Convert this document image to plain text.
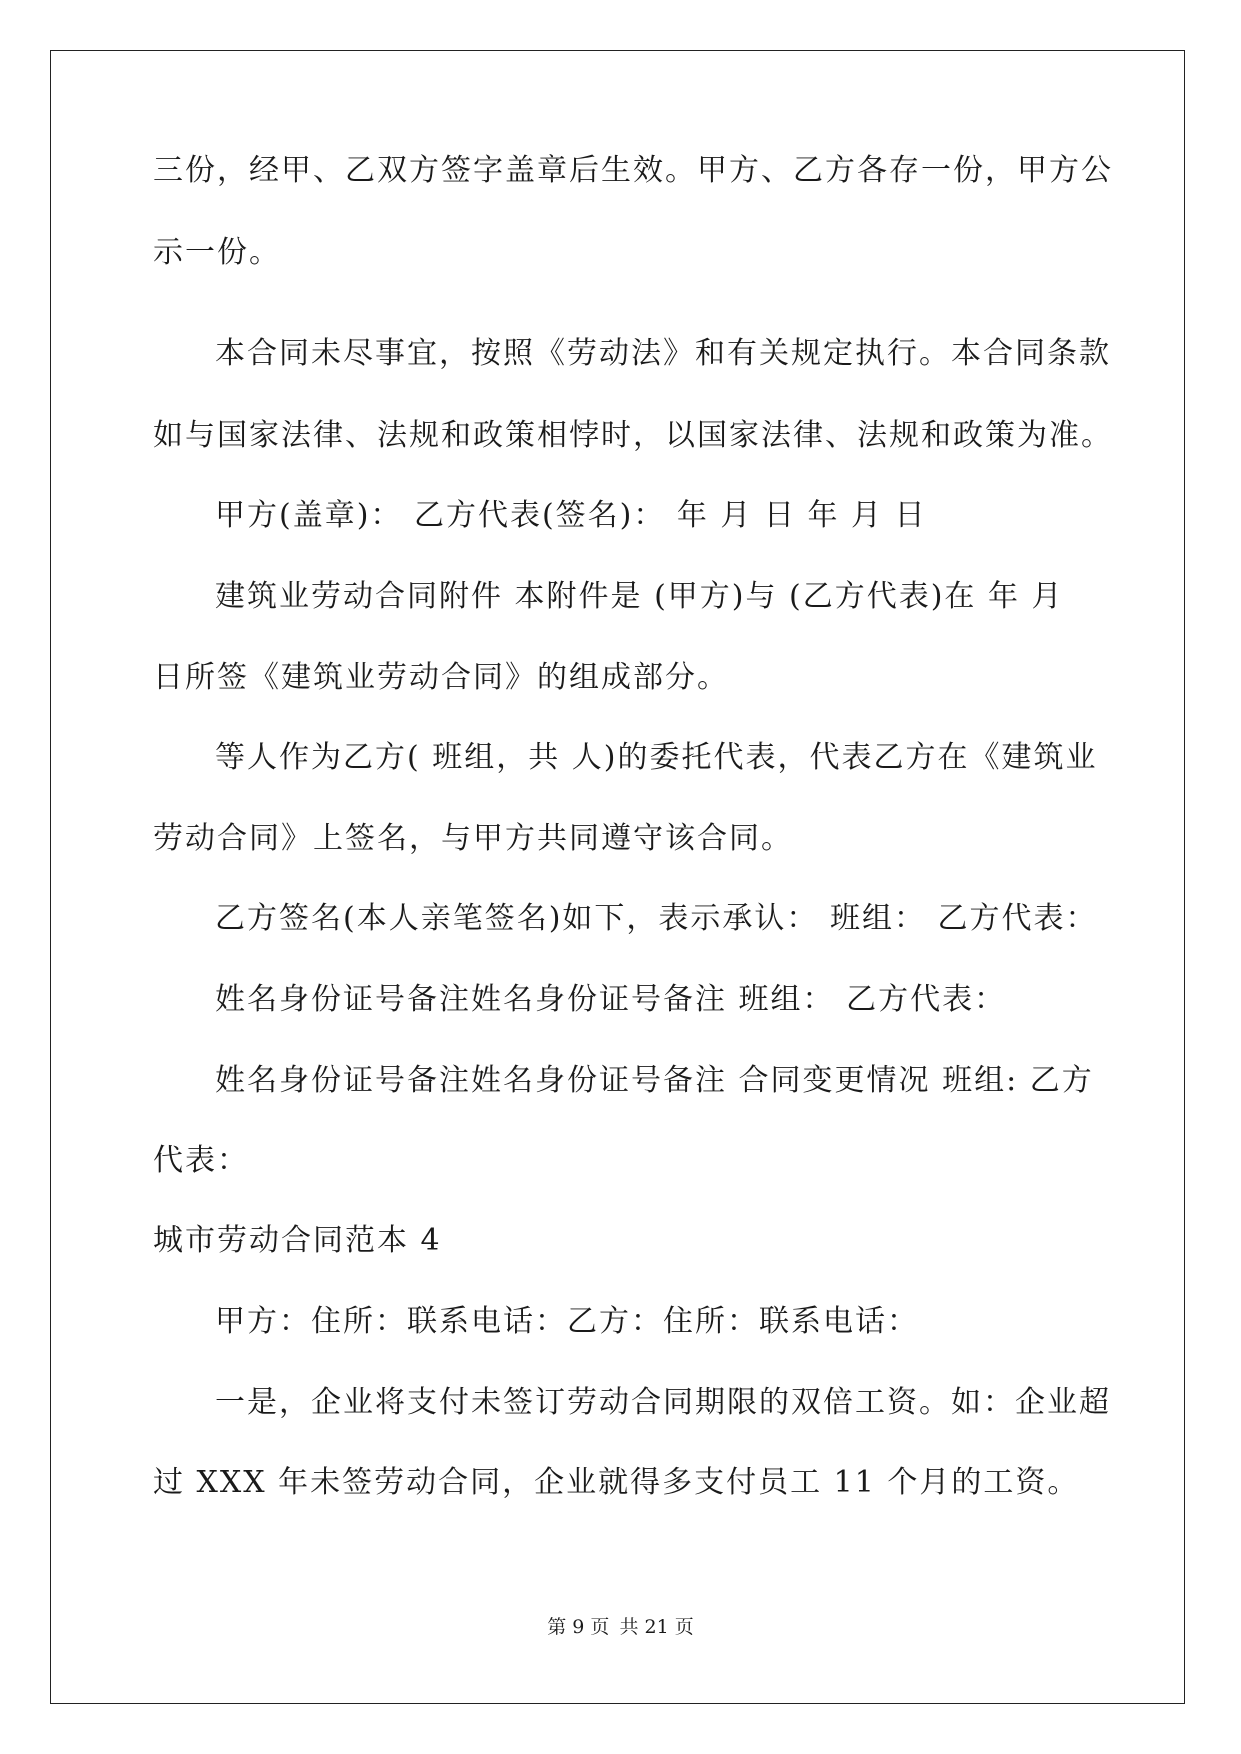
三份，经甲、乙双方签字盖章后生效。甲方、乙方各存一份，甲方公
示一份。
本合同未尽事宜，按照《劳动法》和有关规定执行。本合同条款
如与国家法律、法规和政策相悖时，以国家法律、法规和政策为准。
甲方(盖章)： 乙方代表(签名)： 年 月 日 年 月 日
建筑业劳动合同附件 本附件是 (甲方)与 (乙方代表)在 年 月
日所签《建筑业劳动合同》的组成部分。
等人作为乙方( 班组，共 人)的委托代表，代表乙方在《建筑业
劳动合同》上签名，与甲方共同遵守该合同。
乙方签名(本人亲笔签名)如下，表示承认： 班组： 乙方代表：
姓名身份证号备注姓名身份证号备注 班组： 乙方代表：
姓名身份证号备注姓名身份证号备注 合同变更情况 班组: 乙方
代表：
城市劳动合同范本 4
甲方：住所：联系电话：乙方：住所：联系电话：
一是，企业将支付未签订劳动合同期限的双倍工资。如：企业超
过 XXX 年未签劳动合同，企业就得多支付员工 11 个月的工资。
第 9 页 共 21 页
